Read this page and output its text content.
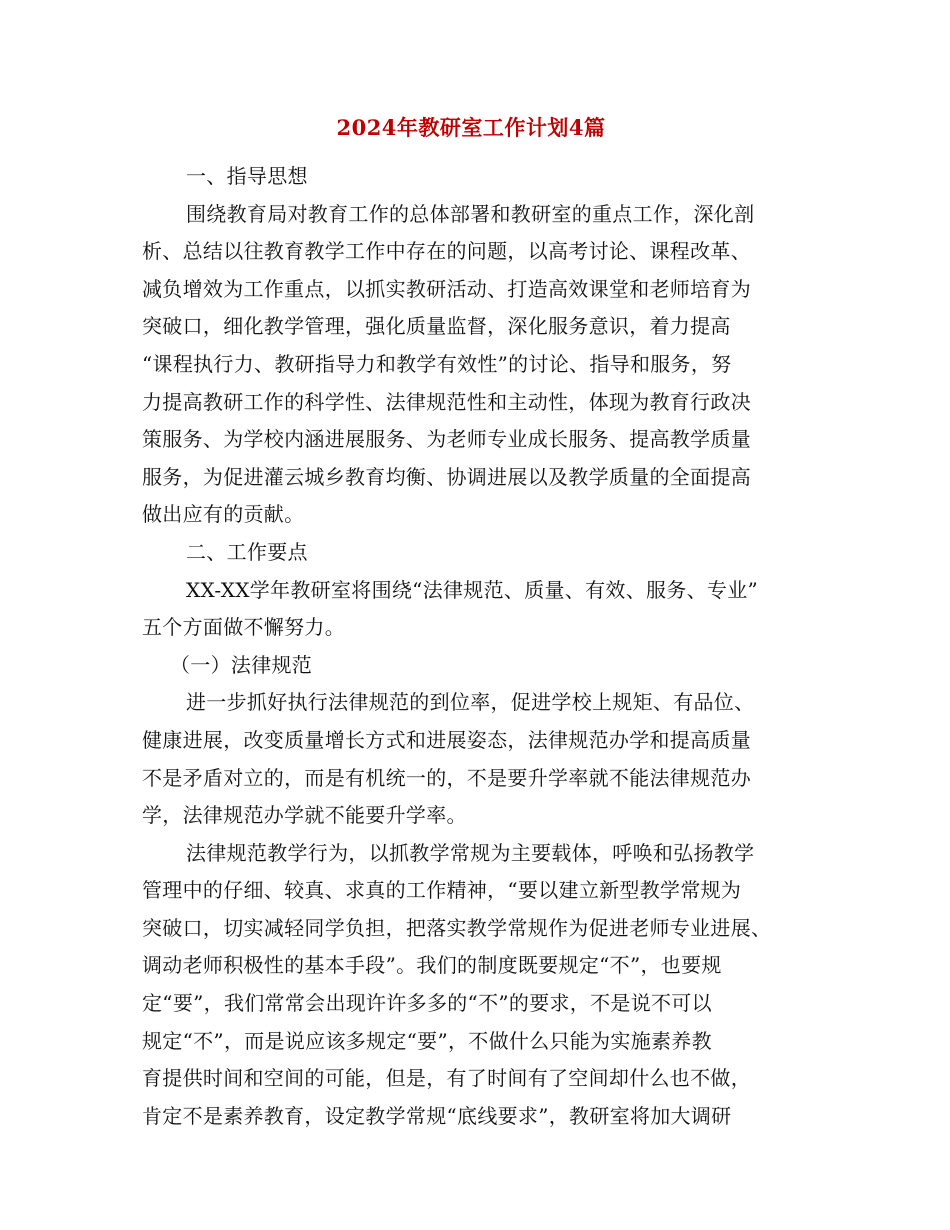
2024年教研室工作计划4篇

一、指导思想

围绕教育局对教育工作的总体部署和教研室的重点工作，深化剖

析、总结以往教育教学工作中存在的问题，以高考讨论、课程改革、

减负增效为工作重点，以抓实教研活动、打造高效课堂和老师培育为

突破口，细化教学管理，强化质量监督，深化服务意识，着力提高

“课程执行力、教研指导力和教学有效性”的讨论、指导和服务，努

力提高教研工作的科学性、法律规范性和主动性，体现为教育行政决

策服务、为学校内涵进展服务、为老师专业成长服务、提高教学质量

服务，为促进灌云城乡教育均衡、协调进展以及教学质量的全面提高

做出应有的贡献。

二、工作要点

XX-XX学年教研室将围绕“法律规范、质量、有效、服务、专业”

五个方面做不懈努力。

（一）法律规范

进一步抓好执行法律规范的到位率，促进学校上规矩、有品位、

健康进展，改变质量增长方式和进展姿态，法律规范办学和提高质量

不是矛盾对立的，而是有机统一的，不是要升学率就不能法律规范办

学，法律规范办学就不能要升学率。

法律规范教学行为，以抓教学常规为主要载体，呼唤和弘扬教学

管理中的仔细、较真、求真的工作精神，“要以建立新型教学常规为

突破口，切实减轻同学负担，把落实教学常规作为促进老师专业进展、

调动老师积极性的基本手段”。我们的制度既要规定“不”，也要规

定“要”，我们常常会出现许许多多的“不”的要求，不是说不可以

规定“不”，而是说应该多规定“要”，不做什么只能为实施素养教

育提供时间和空间的可能，但是，有了时间有了空间却什么也不做，

肯定不是素养教育，设定教学常规“底线要求”，教研室将加大调研
